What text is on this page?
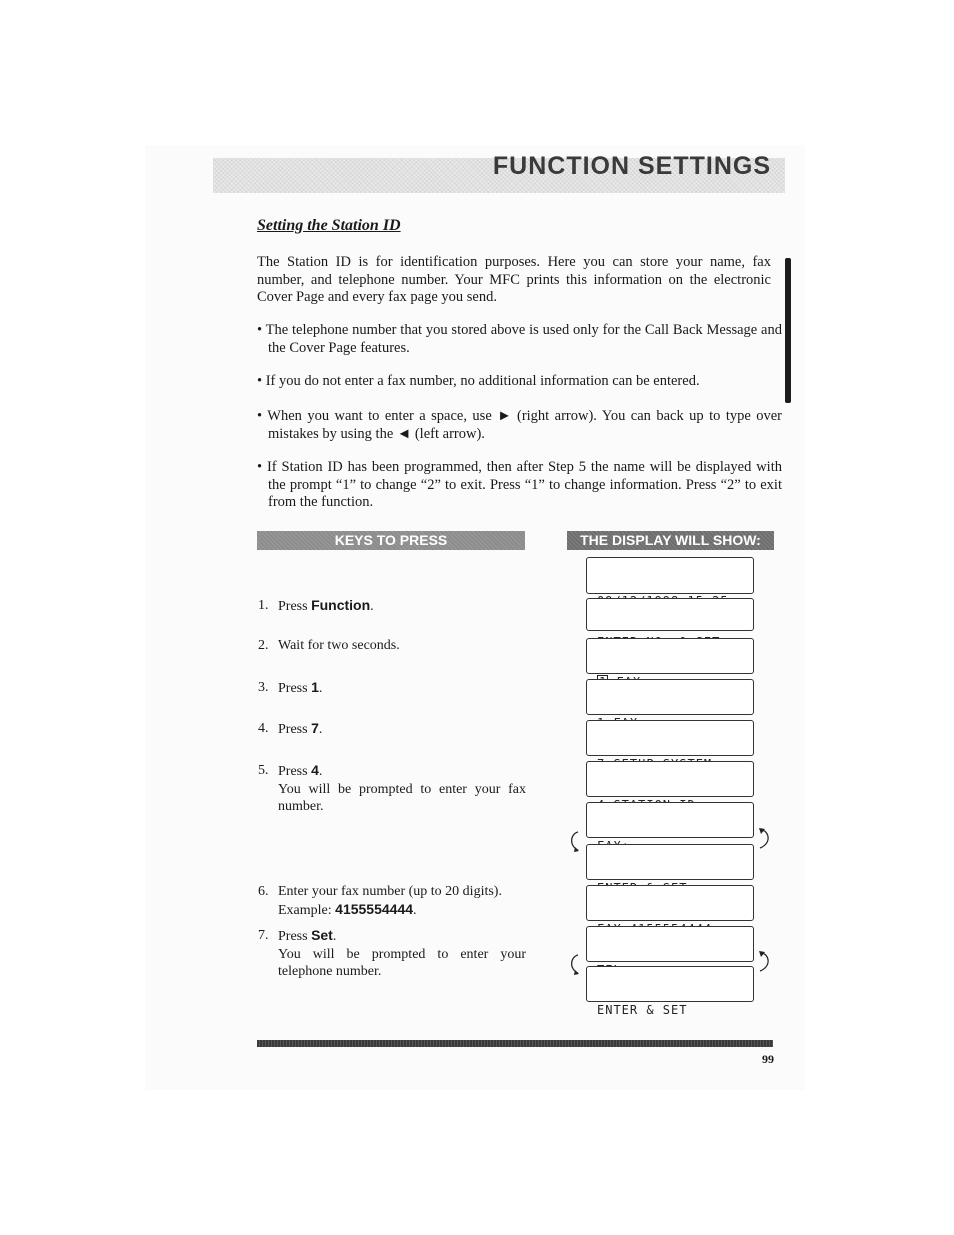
FUNCTION SETTINGS
Setting the Station ID

The Station ID is for identification purposes. Here you can store your name, fax number, and telephone number. Your MFC prints this information on the electronic Cover Page and every fax page you send.

• The telephone number that you stored above is used only for the Call Back Message and the Cover Page features.

• If you do not enter a fax number, no additional information can be entered.

• When you want to enter a space, use ► (right arrow). You can back up to type over mistakes by using the ◄ (left arrow).

• If Station ID has been programmed, then after Step 5 the name will be displayed with the prompt “1” to change “2” to exit. Press “1” to change information. Press “2” to exit from the function.

KEYS TO PRESS	THE DISPLAY WILL SHOW:
1. Press Function.
2. Wait for two seconds.
3. Press 1.
4. Press 7.
5. Press 4.
You will be prompted to enter your fax number.
6. Enter your fax number (up to 20 digits).
Example: 4155554444.
7. Press Set.
You will be prompted to enter your telephone number.

ENTER & SET

99
